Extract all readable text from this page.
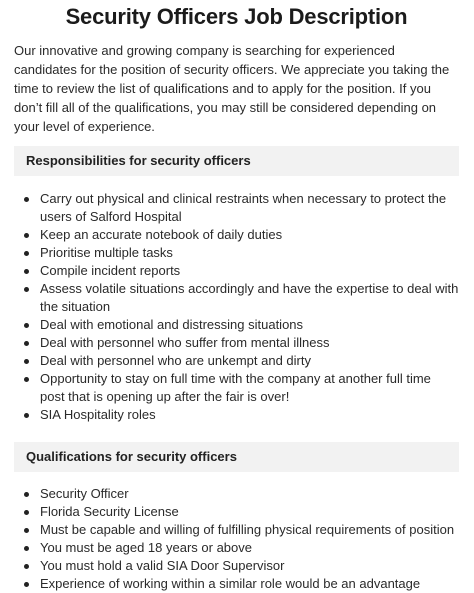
Security Officers Job Description

Our innovative and growing company is searching for experienced candidates for the position of security officers. We appreciate you taking the time to review the list of qualifications and to apply for the position. If you don’t fill all of the qualifications, you may still be considered depending on your level of experience.

Responsibilities for security officers
Carry out physical and clinical restraints when necessary to protect the users of Salford Hospital
Keep an accurate notebook of daily duties
Prioritise multiple tasks
Compile incident reports
Assess volatile situations accordingly and have the expertise to deal with the situation
Deal with emotional and distressing situations
Deal with personnel who suffer from mental illness
Deal with personnel who are unkempt and dirty
Opportunity to stay on full time with the company at another full time post that is opening up after the fair is over!
SIA Hospitality roles
Qualifications for security officers
Security Officer
Florida Security License
Must be capable and willing of fulfilling physical requirements of position
You must be aged 18 years or above
You must hold a valid SIA Door Supervisor
Experience of working within a similar role would be an advantage
